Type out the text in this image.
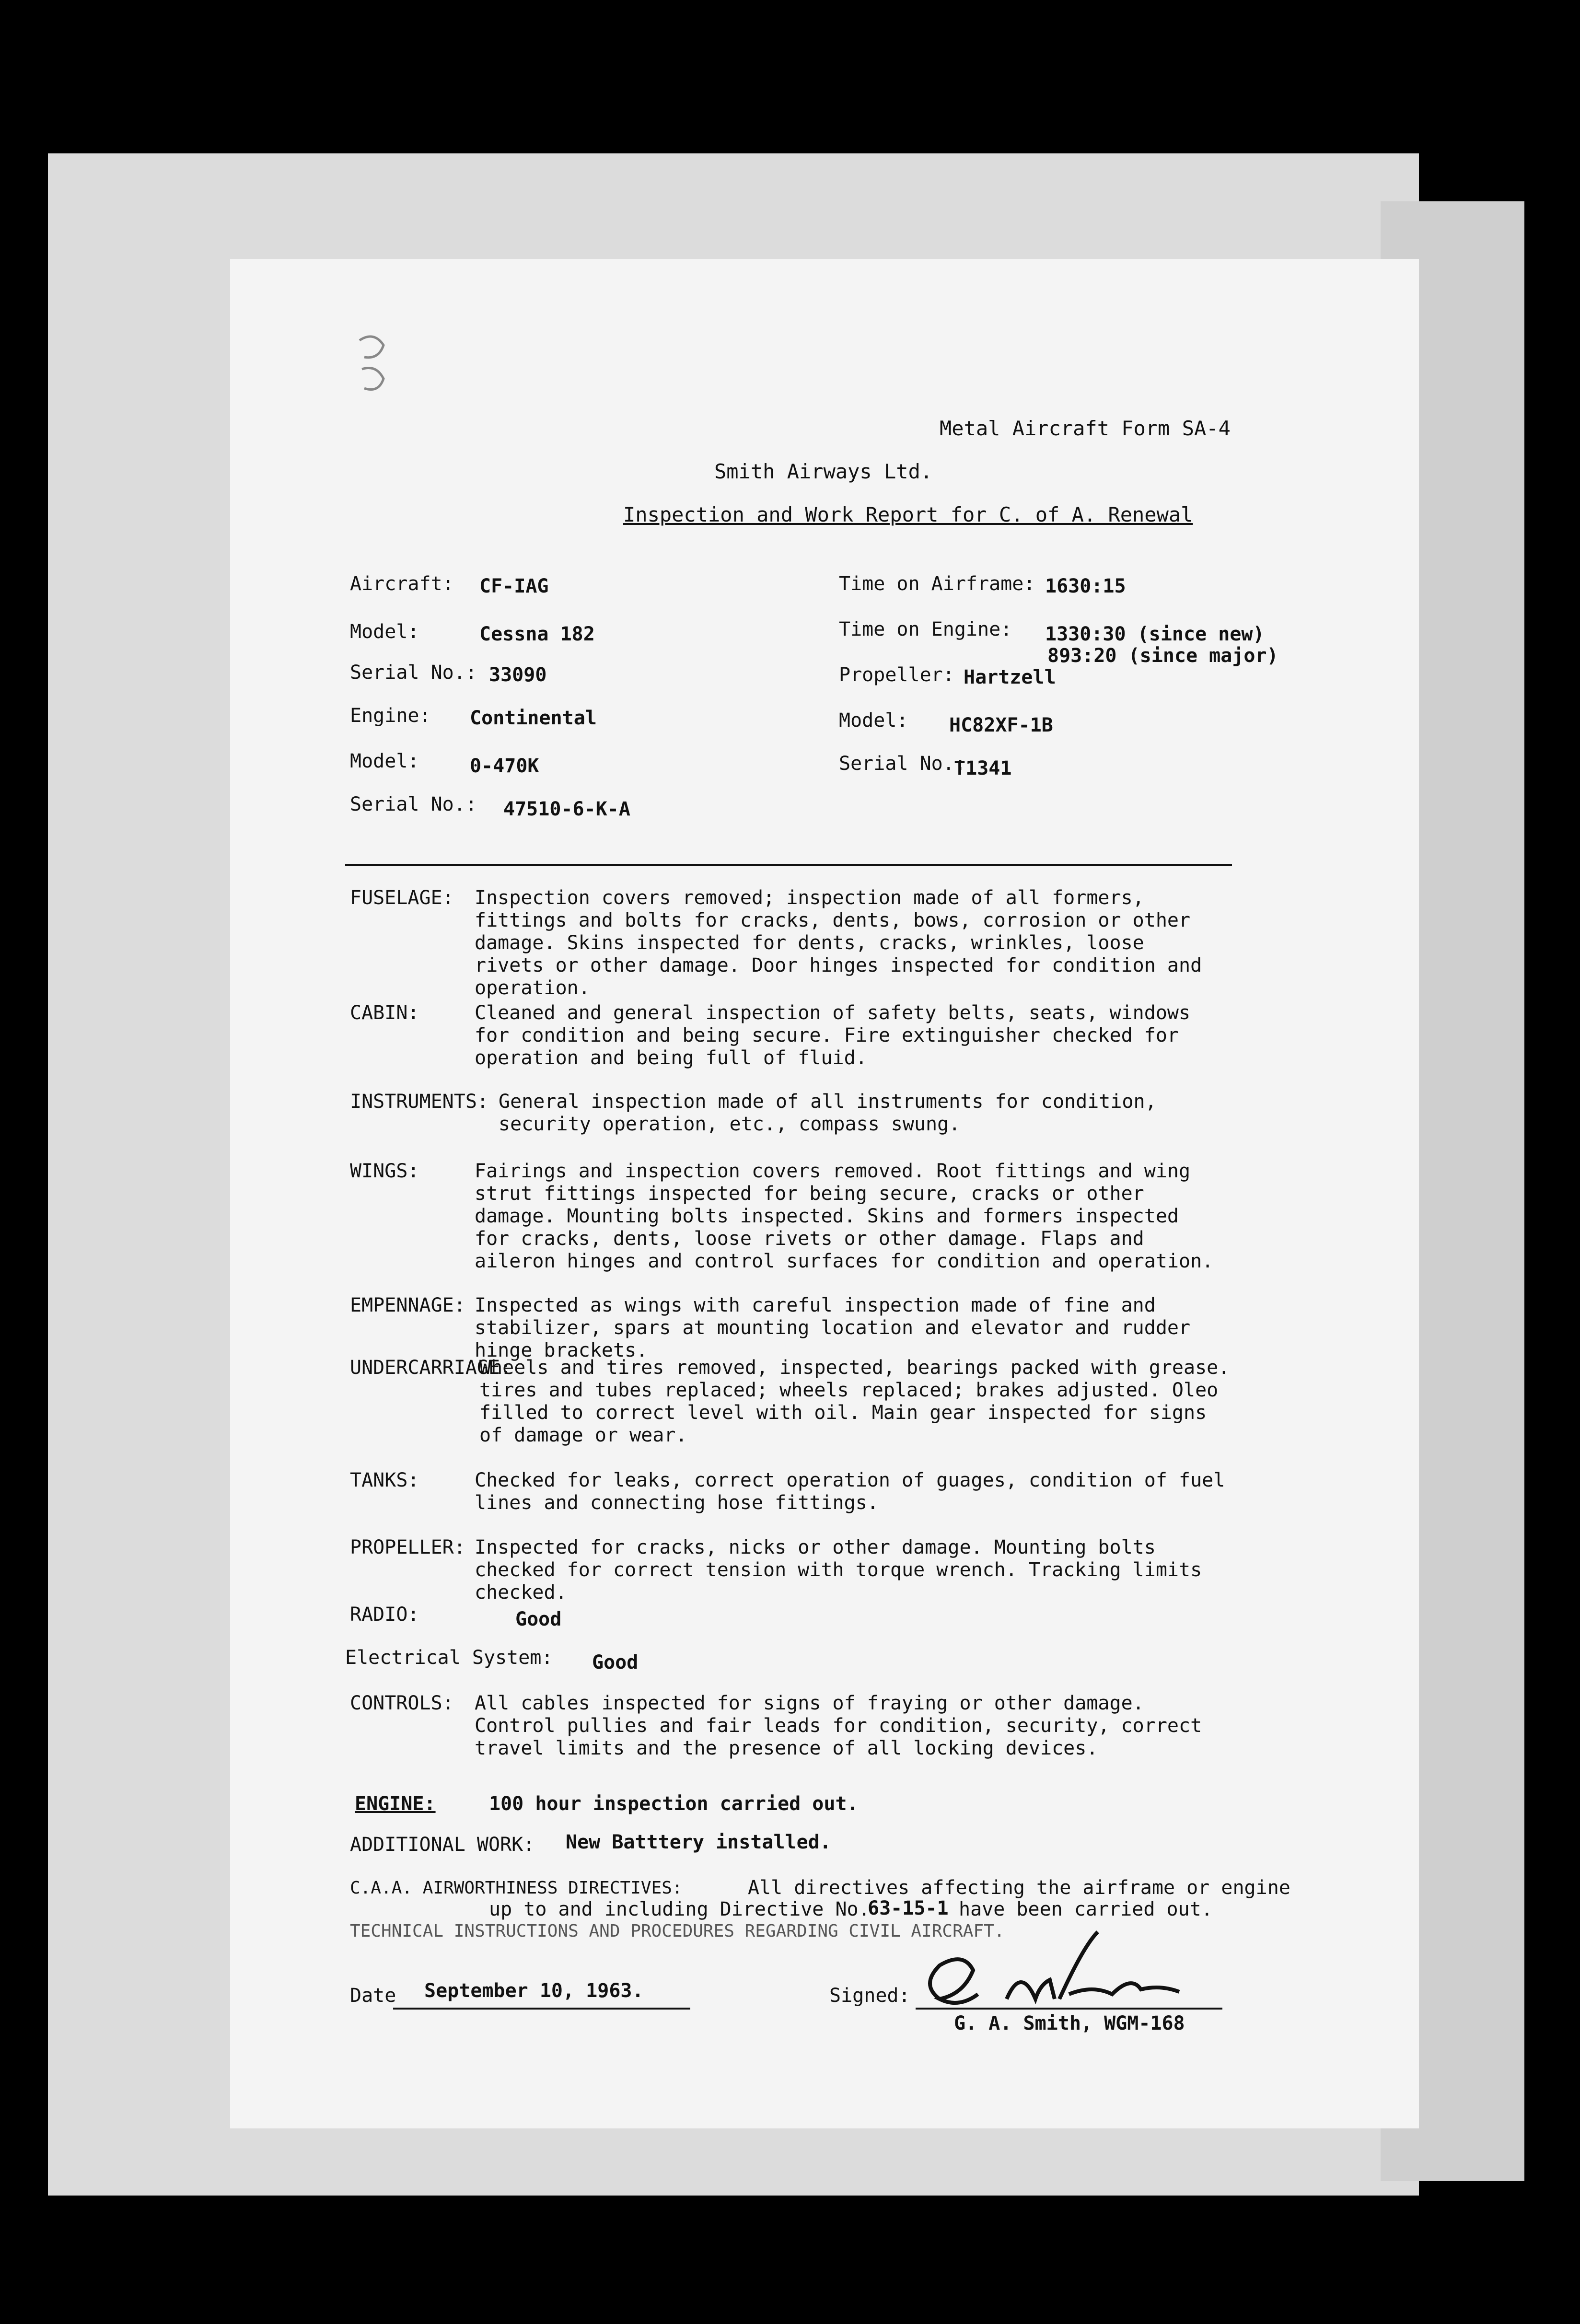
Metal Aircraft Form SA-4
Smith Airways Ltd.
Inspection and Work Report for C. of A. Renewal
Aircraft: CF-IAG
Model:	Cessna 182
Serial No.: 33090
Engine: Continental
Model:	0-470K
Serial No.: 47510-6-K-A
Time on Airframe: 1630:15
Time on Engine: 1330:30 (since new)
893:20 (since major)
Propeller: Hartzell
Model: HC82XF-1B
Serial No.:
T1341
FUSELAGE: Inspection covers removed; inspection made of all formers, fittings and bolts for cracks, dents, bows, corrosion or other damage. Skins inspected for dents, cracks, wrinkles, loose rivets or other damage. Door hinges inspected for condition and operation.
CABIN:	Cleaned and general inspection of safety belts, seats, windows for condition and being secure. Fire extinguisher checked for operation and being full of fluid.
INSTRUMENTS: General inspection made of all instruments for condition, security operation, etc., compass swung.
WINGS:	Fairings and inspection covers removed. Root fittings and wing strut fittings inspected for being secure, cracks or other damage. Mounting bolts inspected. Skins and formers inspected for cracks, dents, loose rivets or other damage. Flaps and aileron hinges and control surfaces for condition and operation.
EMPENNAGE: Inspected as wings with careful inspection made of fine and stabilizer, spars at mounting location and elevator and rudder hinge brackets.
UNDERCARRIAGE:
Wheels and tires removed, inspected, bearings packed with grease. tires and tubes replaced; wheels replaced; brakes adjusted. Oleo filled to correct level with oil. Main gear inspected for signs of damage or wear.
TANKS:	Checked for leaks, correct operation of guages, condition of fuel lines and connecting hose fittings.
PROPELLER: Inspected for cracks, nicks or other damage. Mounting bolts checked for correct tension with torque wrench. Tracking limits checked.
RADIO:	Good
Electrical System: Good
CONTROLS: All cables inspected for signs of fraying or other damage. Control pullies and fair leads for condition, security, correct travel limits and the presence of all locking devices.
ENGINE:	100 hour inspection carried out.
ADDITIONAL WORK: New Batttery installed.
C.A.A. AIRWORTHINESS DIRECTIVES:	All directives affecting the airframe or engine
up to and including Directive No.
63-15-1 have been carried out.
TECHNICAL INSTRUCTIONS AND PROCEDURES REGARDING CIVIL AIRCRAFT.
Date September 10, 1963.	Signed:
G. A. Smith, WGM-168
